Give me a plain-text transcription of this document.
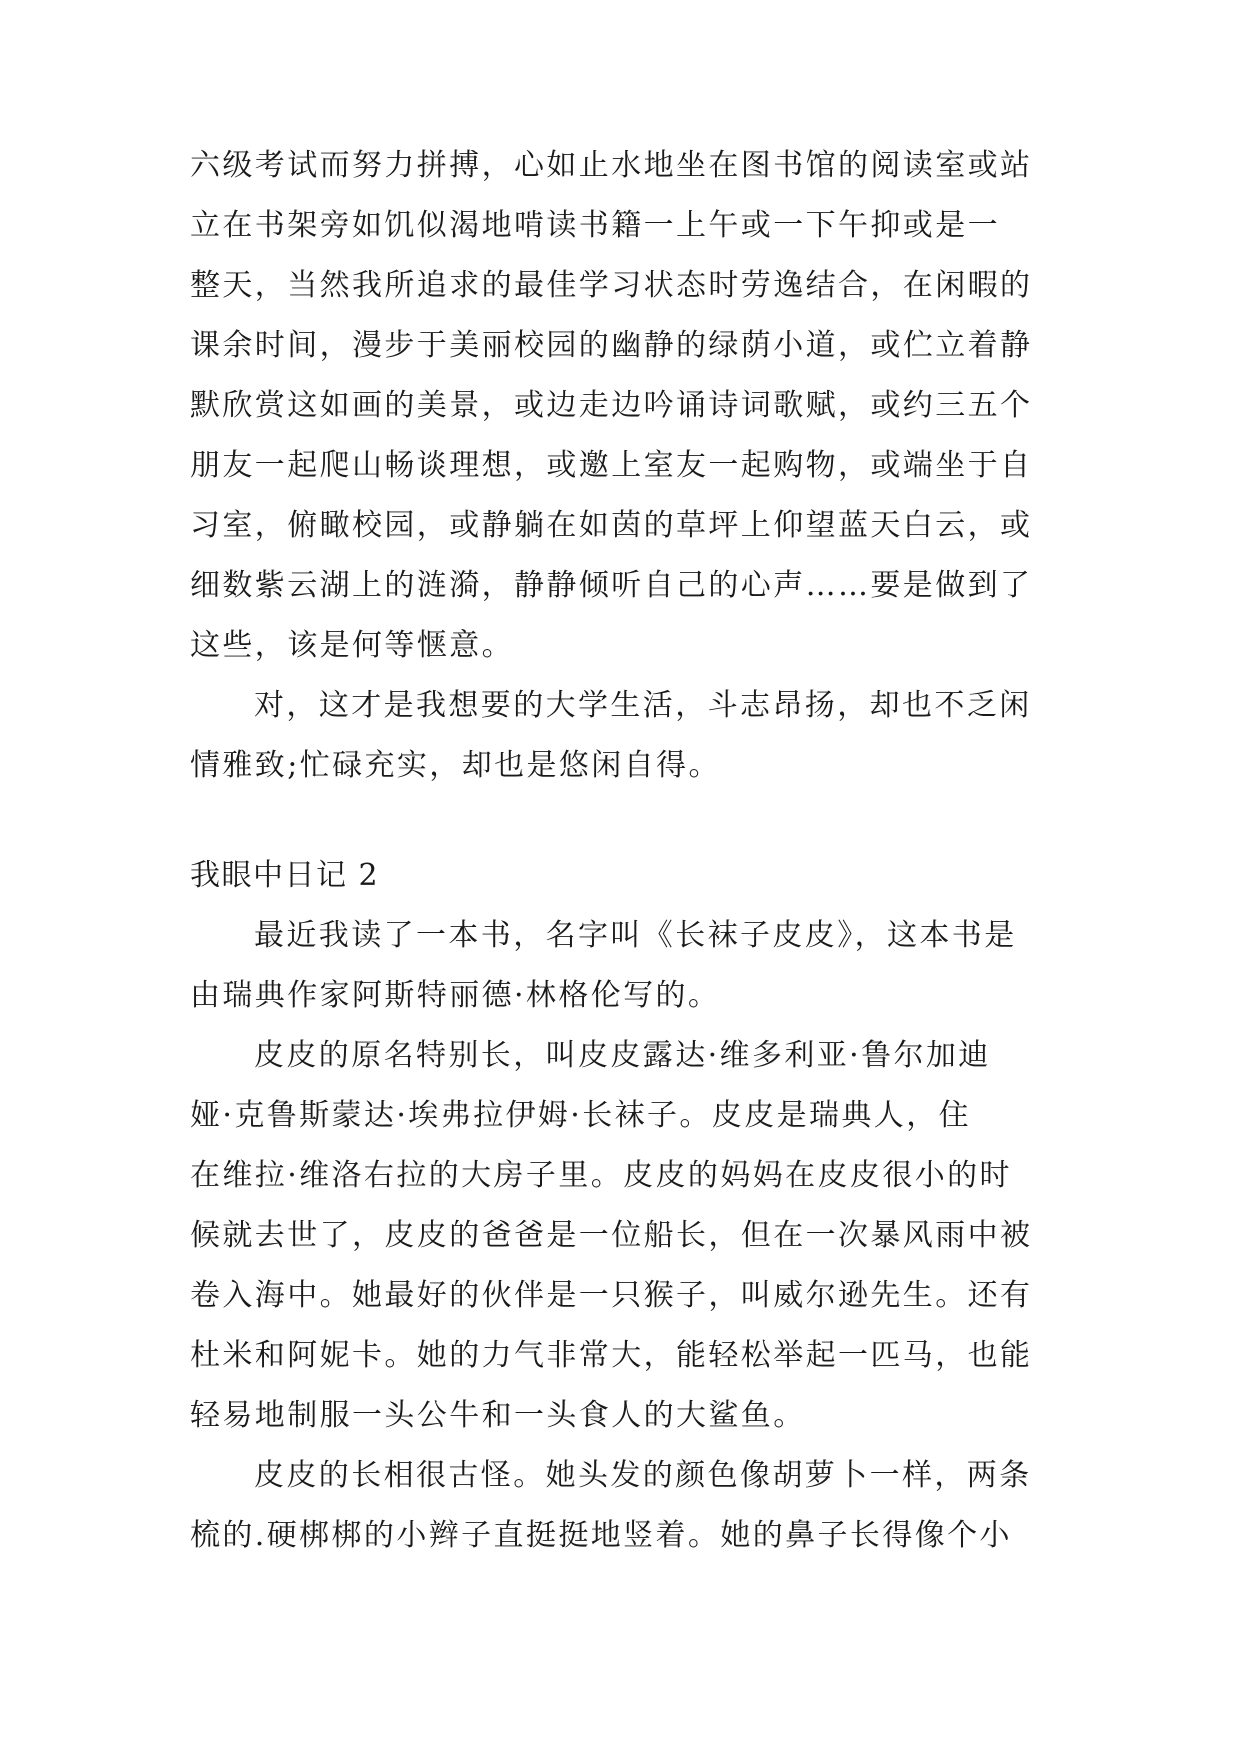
六级考试而努力拼搏，心如止水地坐在图书馆的阅读室或站
立在书架旁如饥似渴地啃读书籍一上午或一下午抑或是一
整天，当然我所追求的最佳学习状态时劳逸结合，在闲暇的
课余时间，漫步于美丽校园的幽静的绿荫小道，或伫立着静
默欣赏这如画的美景，或边走边吟诵诗词歌赋，或约三五个
朋友一起爬山畅谈理想，或邀上室友一起购物，或端坐于自
习室，俯瞰校园，或静躺在如茵的草坪上仰望蓝天白云，或
细数紫云湖上的涟漪，静静倾听自己的心声……要是做到了
这些，该是何等惬意。
对，这才是我想要的大学生活，斗志昂扬，却也不乏闲
情雅致;忙碌充实，却也是悠闲自得。
我眼中日记 2
最近我读了一本书，名字叫《长袜子皮皮》，这本书是
由瑞典作家阿斯特丽德·林格伦写的。
皮皮的原名特别长，叫皮皮露达·维多利亚·鲁尔加迪
娅·克鲁斯蒙达·埃弗拉伊姆·长袜子。皮皮是瑞典人，住
在维拉·维洛右拉的大房子里。皮皮的妈妈在皮皮很小的时
候就去世了，皮皮的爸爸是一位船长，但在一次暴风雨中被
卷入海中。她最好的伙伴是一只猴子，叫威尔逊先生。还有
杜米和阿妮卡。她的力气非常大，能轻松举起一匹马，也能
轻易地制服一头公牛和一头食人的大鲨鱼。
皮皮的长相很古怪。她头发的颜色像胡萝卜一样，两条
梳的.硬梆梆的小辫子直挺挺地竖着。她的鼻子长得像个小
